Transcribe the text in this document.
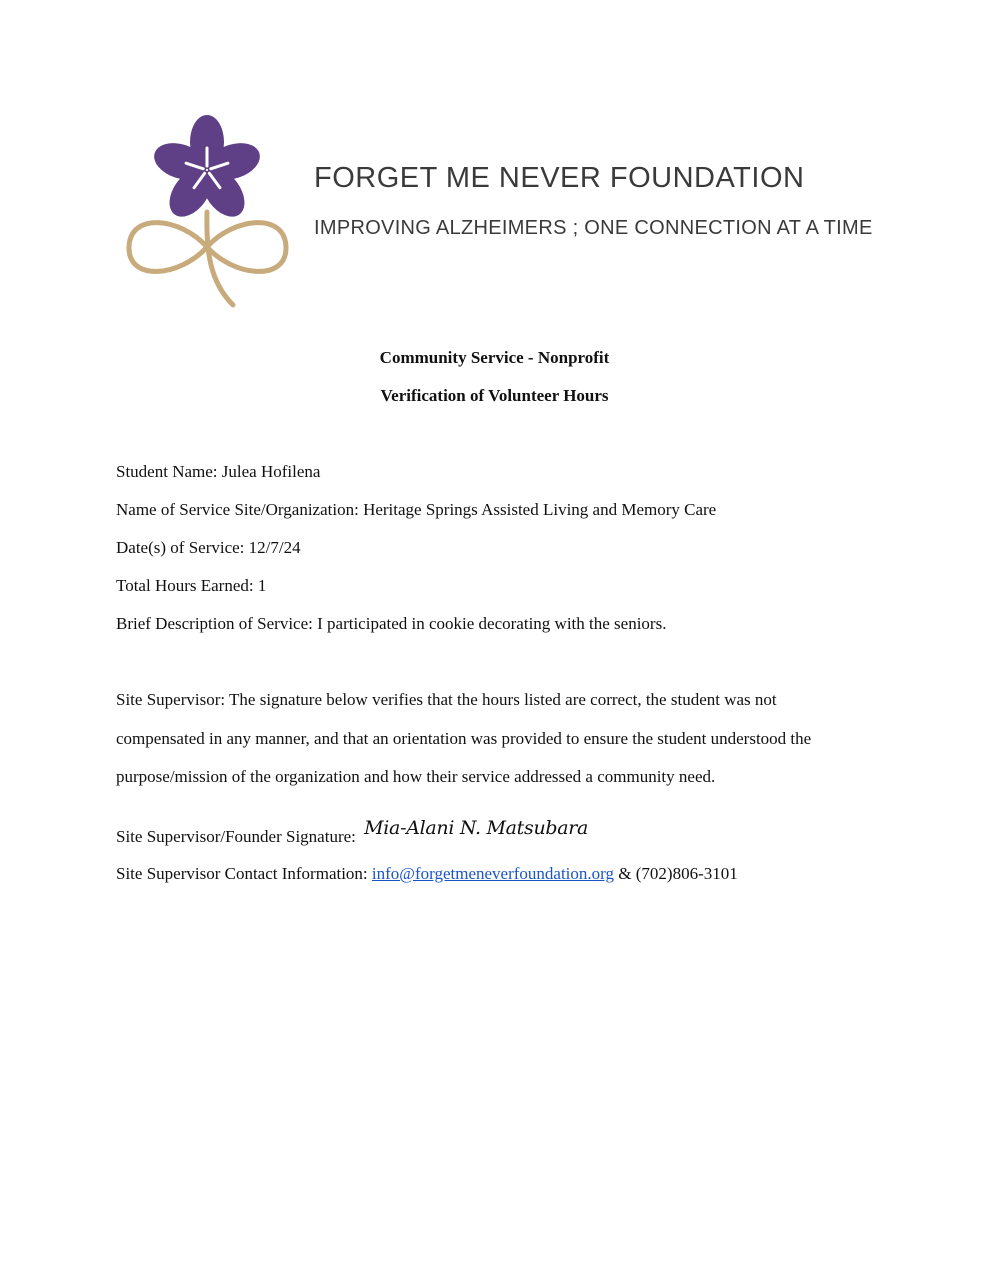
FORGET ME NEVER FOUNDATION
IMPROVING ALZHEIMERS ; ONE CONNECTION AT A TIME
Community Service - Nonprofit
Verification of Volunteer Hours
Student Name: Julea Hofilena
Name of Service Site/Organization: Heritage Springs Assisted Living and Memory Care
Date(s) of Service: 12/7/24
Total Hours Earned: 1
Brief Description of Service: I participated in cookie decorating with the seniors.
Site Supervisor: The signature below verifies that the hours listed are correct, the student was not
compensated in any manner, and that an orientation was provided to ensure the student understood the
purpose/mission of the organization and how their service addressed a community need.
Site Supervisor/Founder Signature: Mia-Alani N. Matsubara
Site Supervisor Contact Information: info@forgetmeneverfoundation.org & (702)806-3101
